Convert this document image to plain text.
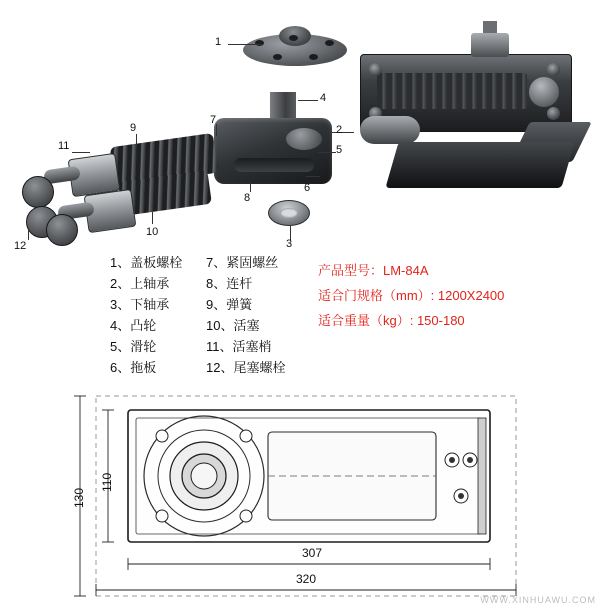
1
2
3
4
5
6
7
8
9
10
11
12
1、盖板螺栓
2、上轴承
3、下轴承
4、凸轮
5、滑轮
6、拖板
7、紧固螺丝
8、连杆
9、弹簧
10、活塞
11、活塞梢
12、尾塞螺栓
产品型号：LM-84A
适合门规格（mm）: 1200X2400
适合重量（kg）: 150-180
130
110
307
320
WWW.XINHUAWU.COM
